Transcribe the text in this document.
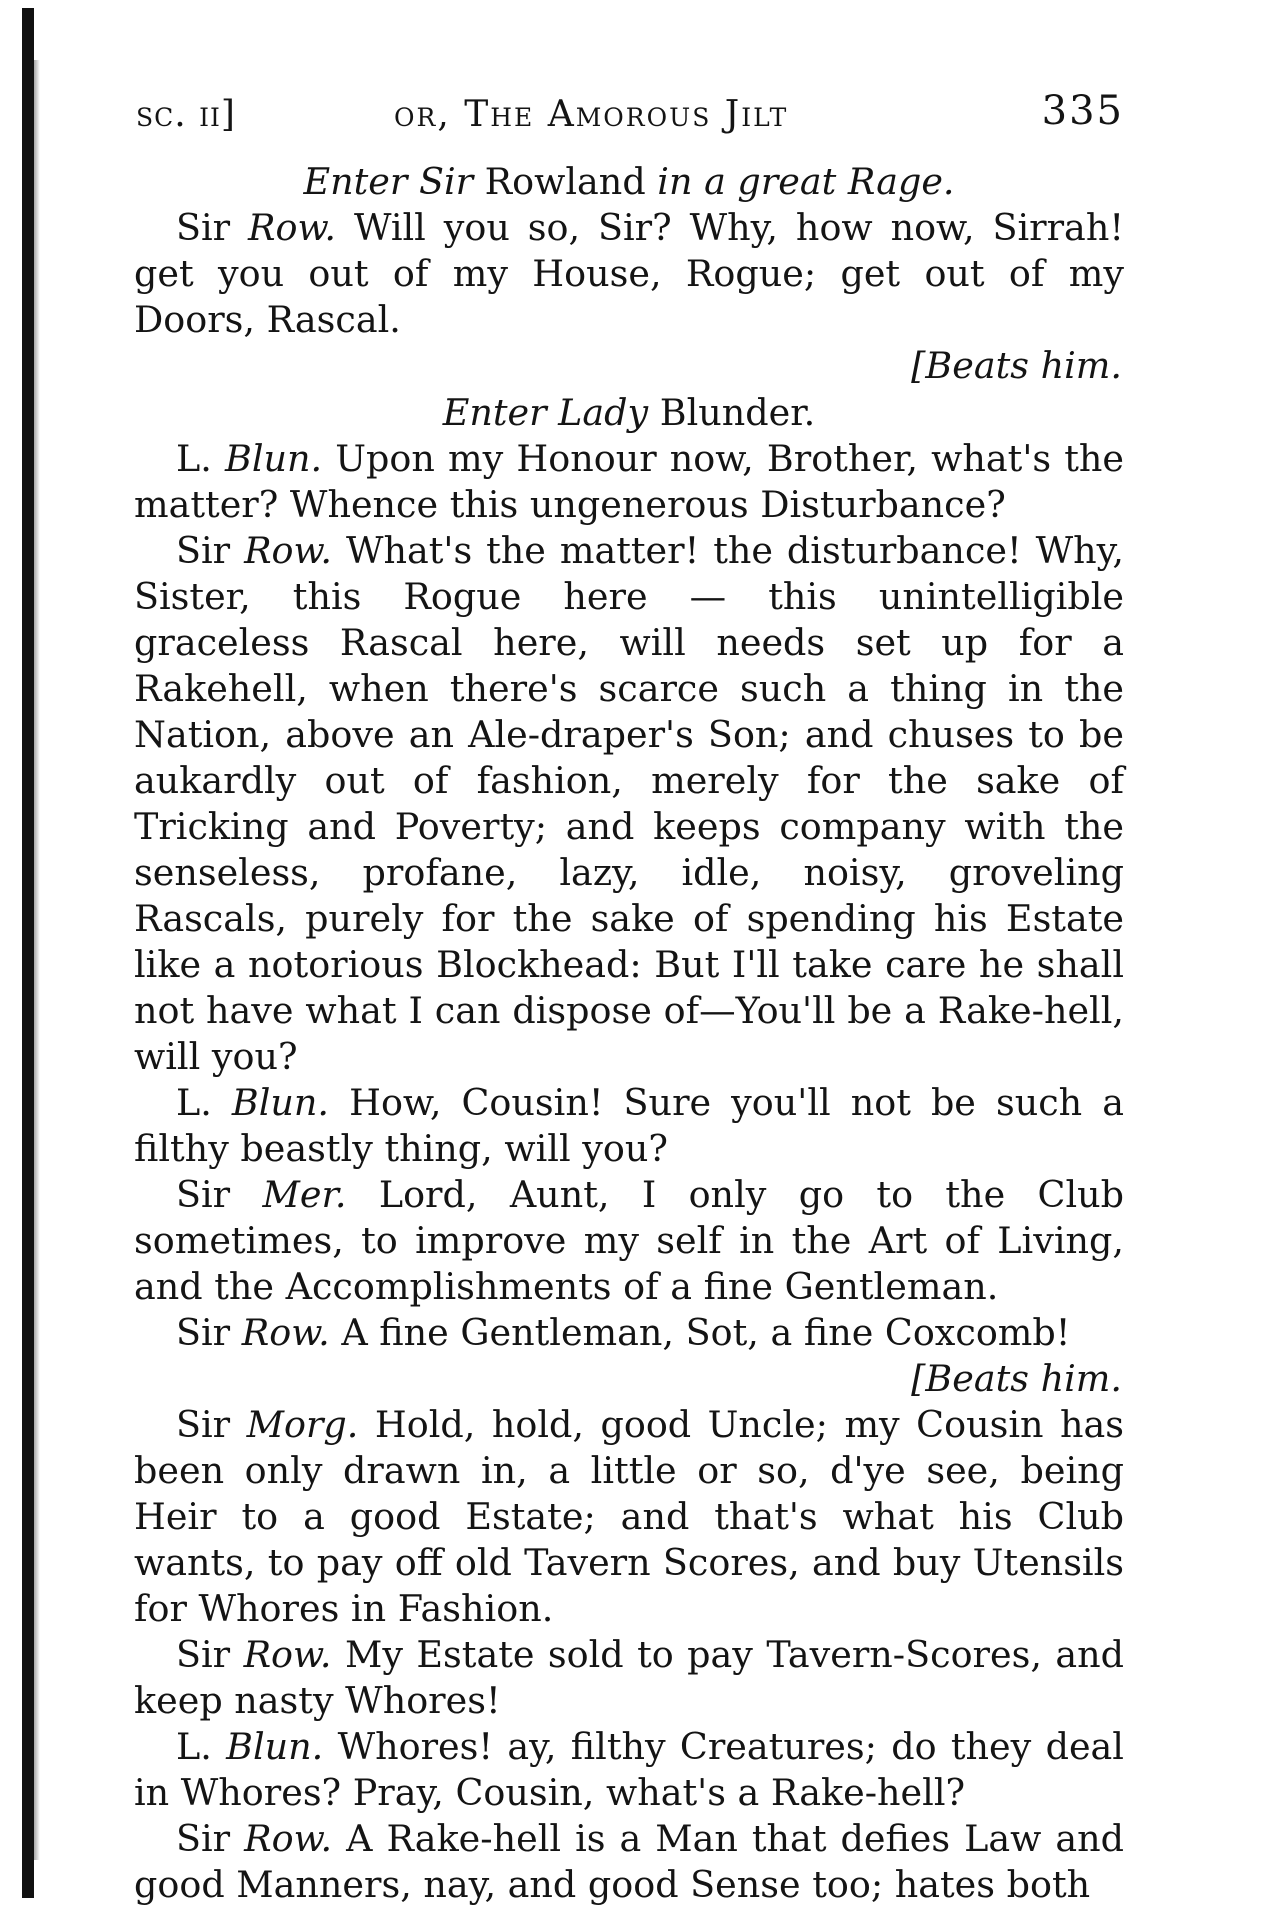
sc. ii]	or, The Amorous Jilt	335

Enter Sir Rowland in a great Rage.

Sir Row. Will you so, Sir? Why, how now, Sirrah! get you out of my House, Rogue; get out of my Doors, Rascal.

[Beats him.

Enter Lady Blunder.

L. Blun. Upon my Honour now, Brother, what's the matter? Whence this ungenerous Disturbance?

Sir Row. What's the matter! the disturbance! Why, Sister, this Rogue here — this unintelligible graceless Rascal here, will needs set up for a Rakehell, when there's scarce such a thing in the Nation, above an Ale-draper's Son; and chuses to be aukardly out of fashion, merely for the sake of Tricking and Poverty; and keeps company with the senseless, profane, lazy, idle, noisy, groveling Rascals, purely for the sake of spending his Estate like a notorious Blockhead: But I'll take care he shall not have what I can dispose of—You'll be a Rake-hell, will you?

L. Blun. How, Cousin! Sure you'll not be such a filthy beastly thing, will you?

Sir Mer. Lord, Aunt, I only go to the Club sometimes, to improve my self in the Art of Living, and the Accomplishments of a fine Gentleman.

Sir Row. A fine Gentleman, Sot, a fine Coxcomb!

[Beats him.

Sir Morg. Hold, hold, good Uncle; my Cousin has been only drawn in, a little or so, d'ye see, being Heir to a good Estate; and that's what his Club wants, to pay off old Tavern Scores, and buy Utensils for Whores in Fashion.

Sir Row. My Estate sold to pay Tavern-Scores, and keep nasty Whores!

L. Blun. Whores! ay, filthy Creatures; do they deal in Whores? Pray, Cousin, what's a Rake-hell?

Sir Row. A Rake-hell is a Man that defies Law and good Manners, nay, and good Sense too; hates both
